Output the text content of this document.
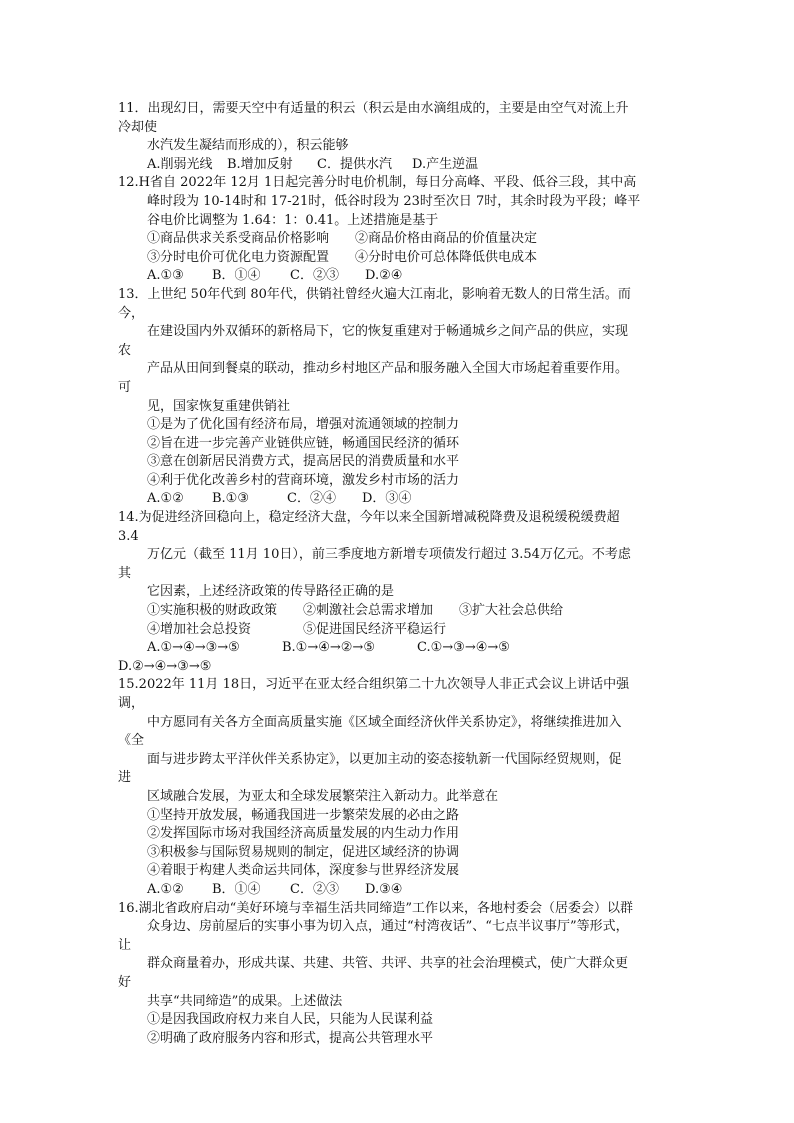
11．出现幻日，需要天空中有适量的积云（积云是由水滴组成的，主要是由空气对流上升
冷却使
水汽发生凝结而形成的），积云能够
A.削弱光线 B.增加反射 C．提供水汽 D.产生逆温
12.H省自 2022年 12月 1日起完善分时电价机制，每日分高峰、平段、低谷三段，其中高
峰时段为 10-14时和 17-21时，低谷时段为 23时至次日 7时，其余时段为平段；峰平
谷电价比调整为 1.64：1：0.41。上述措施是基于
①商品供求关系受商品价格影响　　②商品价格由商品的价值量决定
③分时电价可优化电力资源配置　　④分时电价可总体降低供电成本
A.①③ B．①④ C．②③ D.②④
13．上世纪 50年代到 80年代，供销社曾经火遍大江南北，影响着无数人的日常生活。而
今，
在建设国内外双循环的新格局下，它的恢复重建对于畅通城乡之间产品的供应，实现
农
产品从田间到餐桌的联动，推动乡村地区产品和服务融入全国大市场起着重要作用。
可
见，国家恢复重建供销社
①是为了优化国有经济布局，增强对流通领域的控制力
②旨在进一步完善产业链供应链，畅通国民经济的循环
③意在创新居民消费方式，提高居民的消费质量和水平
④利于优化改善乡村的营商环境，激发乡村市场的活力
A.①② B.①③	C．②④ D．③④
14.为促进经济回稳向上，稳定经济大盘，今年以来全国新增减税降费及退税缓税缓费超
3.4
万亿元（截至 11月 10日），前三季度地方新增专项债发行超过 3.54万亿元。不考虑
其
它因素，上述经济政策的传导路径正确的是
①实施积极的财政政策　　②刺激社会总需求增加　　③扩大社会总供给
④增加社会总投资　　　　⑤促进国民经济平稳运行
A.①→④→③→⑤	B.①→④→②→⑤	C.①→③→④→⑤
D.②→④→③→⑤
15.2022年 11月 18日，习近平在亚太经合组织第二十九次领导人非正式会议上讲话中强
调，
中方愿同有关各方全面高质量实施《区域全面经济伙伴关系协定》，将继续推进加入
《全
面与进步跨太平洋伙伴关系协定》，以更加主动的姿态接轨新一代国际经贸规则，促
进
区域融合发展，为亚太和全球发展繁荣注入新动力。此举意在
①坚持开放发展，畅通我国进一步繁荣发展的必由之路
②发挥国际市场对我国经济高质量发展的内生动力作用
③积极参与国际贸易规则的制定，促进区域经济的协调
④着眼于构建人类命运共同体，深度参与世界经济发展
A.①② B．①④ C．②③ D.③④
16.湖北省政府启动“美好环境与幸福生活共同缔造”工作以来，各地村委会（居委会）以群
众身边、房前屋后的实事小事为切入点，通过“村湾夜话”、“七点半议事厅”等形式，
让
群众商量着办，形成共谋、共建、共管、共评、共享的社会治理模式，使广大群众更
好
共享“共同缔造”的成果。上述做法
①是因我国政府权力来自人民，只能为人民谋利益
②明确了政府服务内容和形式，提高公共管理水平
